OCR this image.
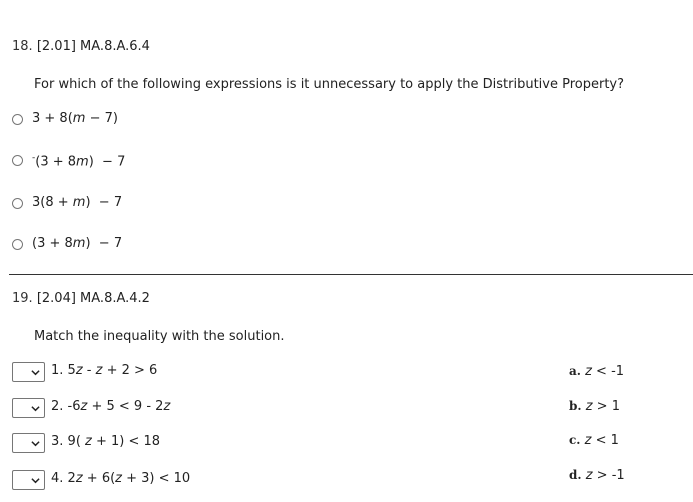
18. [2.01] MA.8.A.6.4
For which of the following expressions is it unnecessary to apply the Distributive Property?
3 + 8(m − 7)
-(3 + 8m)  − 7
3(8 + m)  − 7
(3 + 8m)  − 7
19. [2.04] MA.8.A.4.2
Match the inequality with the solution.
1. 5z - z + 2 > 6	a. z < -1
2. -6z + 5 < 9 - 2z	b. z > 1
3. 9( z + 1) < 18	c. z < 1
4. 2z + 6(z + 3) < 10	d. z > -1
